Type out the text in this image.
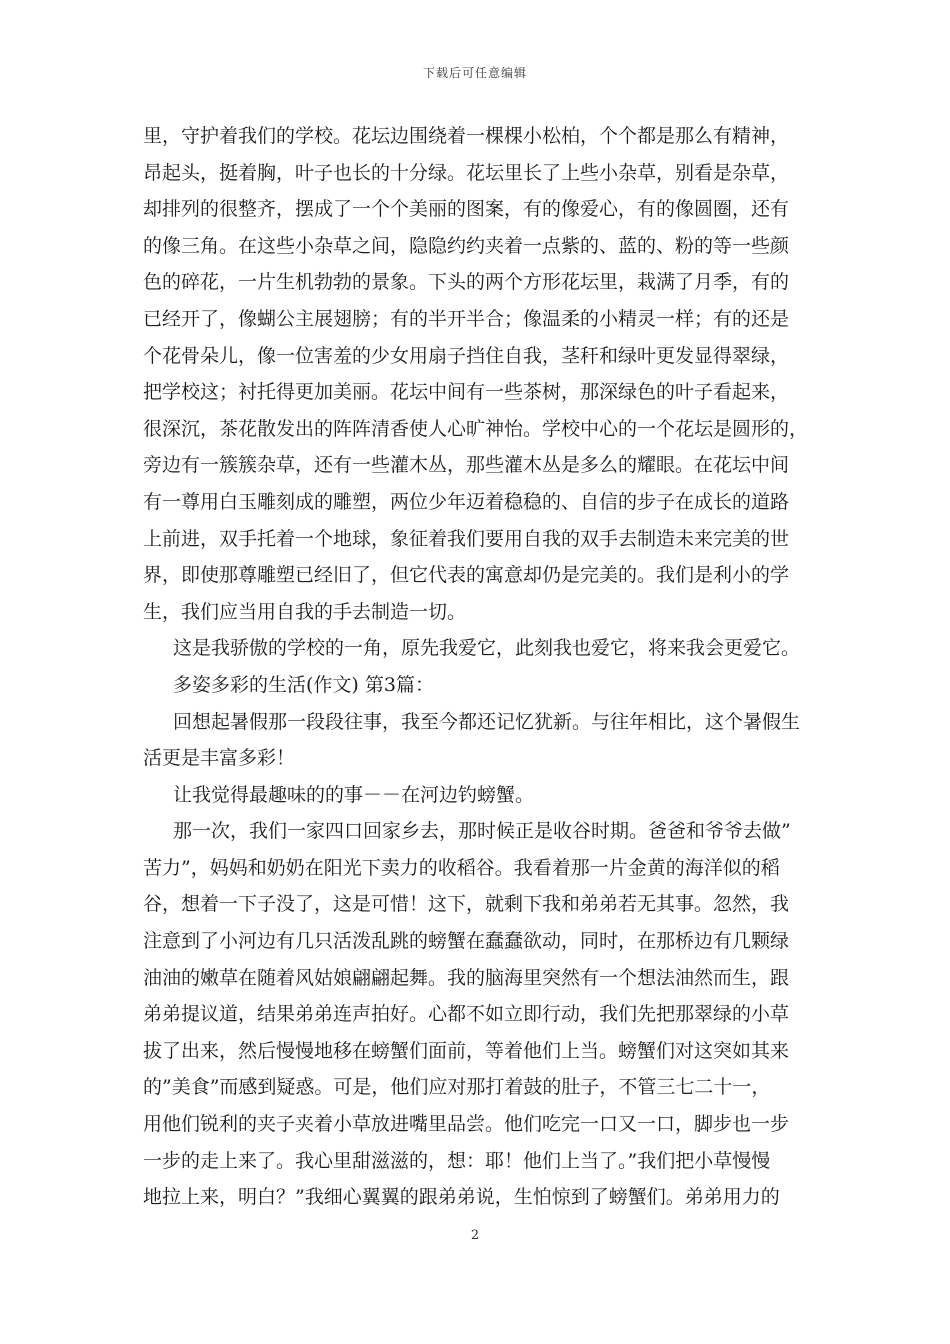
下载后可任意编辑
里，守护着我们的学校。花坛边围绕着一棵棵小松柏，个个都是那么有精神，
昂起头，挺着胸，叶子也长的十分绿。花坛里长了上些小杂草，别看是杂草，
却排列的很整齐，摆成了一个个美丽的图案，有的像爱心，有的像圆圈，还有
的像三角。在这些小杂草之间，隐隐约约夹着一点紫的、蓝的、粉的等一些颜
色的碎花，一片生机勃勃的景象。下头的两个方形花坛里，栽满了月季，有的
已经开了，像蝴公主展翅膀；有的半开半合；像温柔的小精灵一样；有的还是
个花骨朵儿，像一位害羞的少女用扇子挡住自我，茎秆和绿叶更发显得翠绿，
把学校这；衬托得更加美丽。花坛中间有一些茶树，那深绿色的叶子看起来，
很深沉，茶花散发出的阵阵清香使人心旷神怡。学校中心的一个花坛是圆形的，
旁边有一簇簇杂草，还有一些灌木丛，那些灌木丛是多么的耀眼。在花坛中间
有一尊用白玉雕刻成的雕塑，两位少年迈着稳稳的、自信的步子在成长的道路
上前进，双手托着一个地球，象征着我们要用自我的双手去制造未来完美的世
界，即使那尊雕塑已经旧了，但它代表的寓意却仍是完美的。我们是利小的学
生，我们应当用自我的手去制造一切。
这是我骄傲的学校的一角，原先我爱它，此刻我也爱它，将来我会更爱它。
多姿多彩的生活(作文) 第3篇：
回想起暑假那一段段往事，我至今都还记忆犹新。与往年相比，这个暑假生
活更是丰富多彩！
让我觉得最趣味的的事－－在河边钓螃蟹。
那一次，我们一家四口回家乡去，那时候正是收谷时期。爸爸和爷爷去做”
苦力”，妈妈和奶奶在阳光下卖力的收稻谷。我看着那一片金黄的海洋似的稻
谷，想着一下子没了，这是可惜！这下，就剩下我和弟弟若无其事。忽然，我
注意到了小河边有几只活泼乱跳的螃蟹在蠢蠢欲动，同时，在那桥边有几颗绿
油油的嫩草在随着风姑娘翩翩起舞。我的脑海里突然有一个想法油然而生，跟
弟弟提议道，结果弟弟连声拍好。心都不如立即行动，我们先把那翠绿的小草
拔了出来，然后慢慢地移在螃蟹们面前，等着他们上当。螃蟹们对这突如其来
的”美食”而感到疑惑。可是，他们应对那打着鼓的肚子，不管三七二十一，
用他们锐利的夹子夹着小草放进嘴里品尝。他们吃完一口又一口，脚步也一步
一步的走上来了。我心里甜滋滋的，想：耶！他们上当了。”我们把小草慢慢
地拉上来，明白？”我细心翼翼的跟弟弟说，生怕惊到了螃蟹们。弟弟用力的
2
